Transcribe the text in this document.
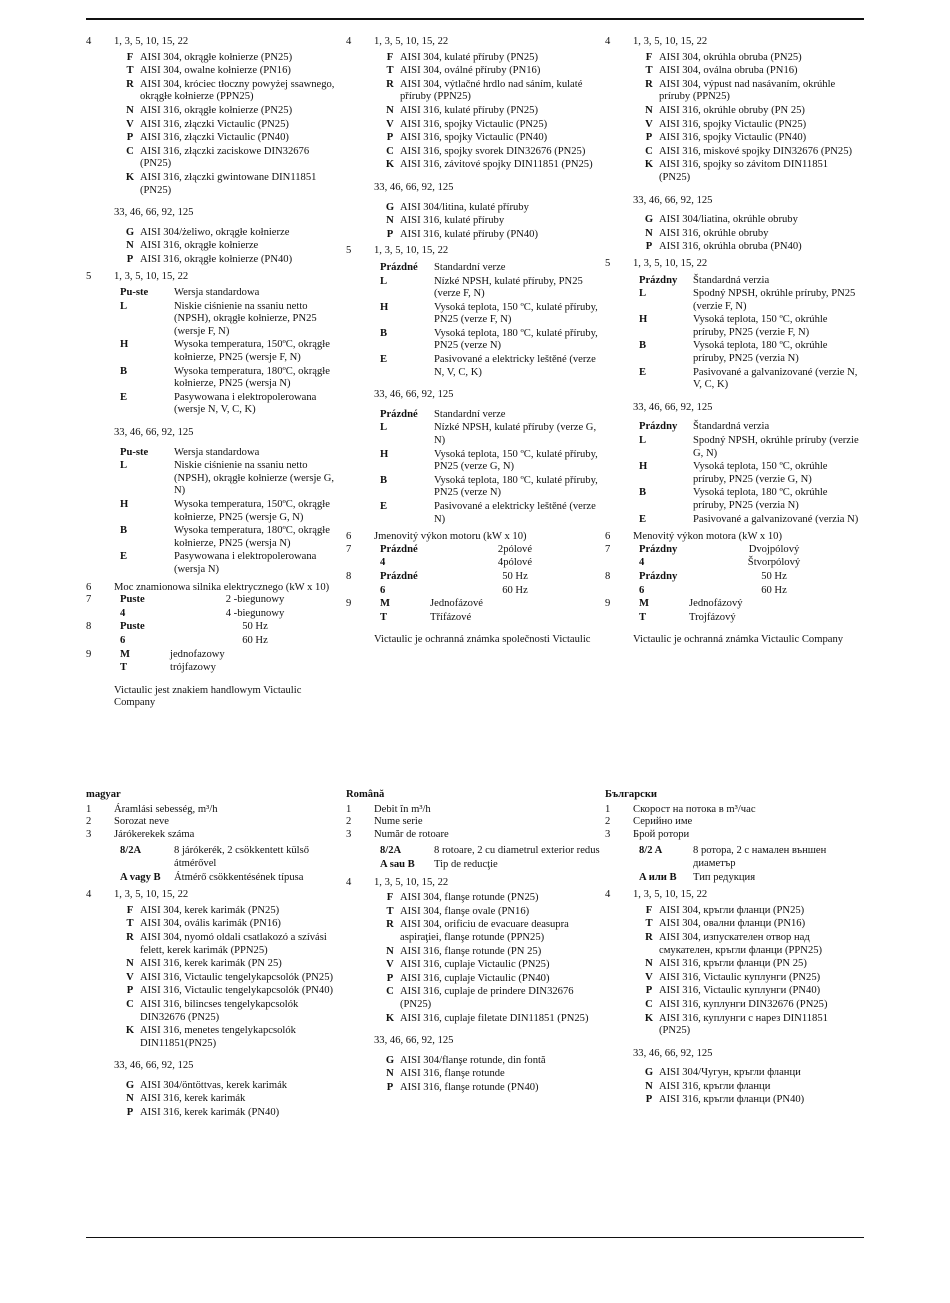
4	1, 3, 5, 10, 15, 22
F AISI 304, okrągłe kołnierze (PN25)
T AISI 304, owalne kołnierze (PN16)
R AISI 304, króciec tłoczny powyżej ssawnego, okrągłe kołnierze (PPN25)
N AISI 316, okrągłe kołnierze (PN25)
V AISI 316, złączki Victaulic (PN25)
P AISI 316, złączki Victaulic (PN40)
C AISI 316, złączki zaciskowe DIN32676 (PN25)
K AISI 316, złączki gwintowane DIN11851 (PN25)
33, 46, 66, 92, 125
G AISI 304/żeliwo, okrągłe kołnierze
N AISI 316, okrągłe kołnierze
P AISI 316, okrągłe kołnierze (PN40)
5	1, 3, 5, 10, 15, 22
Pu-ste	Wersja standardowa
L	Niskie ciśnienie na ssaniu netto (NPSH), okrągłe kołnierze, PN25 (wersje F, N)
H	Wysoka temperatura, 150ºC, okrągłe kołnierze, PN25 (wersje F, N)
B	Wysoka temperatura, 180ºC, okrągłe kołnierze, PN25 (wersja N)
E	Pasywowana i elektropolerowana (wersje N, V, C, K)
33, 46, 66, 92, 125
Pu-ste	Wersja standardowa
L	Niskie ciśnienie na ssaniu netto (NPSH), okrągłe kołnierze (wersje G, N)
H	Wysoka temperatura, 150ºC, okrągłe kołnierze, PN25 (wersje G, N)
B	Wysoka temperatura, 180ºC, okrągłe kołnierze, PN25 (wersja N)
E	Pasywowana i elektropolerowana (wersja N)
6	Moc znamionowa silnika elektrycznego (kW x 10)
7	Puste	2 -biegunowy
4	4 -biegunowy
8	Puste	50 Hz
6	60 Hz
9	M	jednofazowy
T	trójfazowy
Victaulic jest znakiem handlowym Victaulic Company
4	1, 3, 5, 10, 15, 22
F AISI 304, kulaté příruby (PN25)
T AISI 304, oválné příruby (PN16)
R AISI 304, výtlačné hrdlo nad sáním, kulaté příruby (PPN25)
N AISI 316, kulaté příruby (PN25)
V AISI 316, spojky Victaulic (PN25)
P AISI 316, spojky Victaulic (PN40)
C AISI 316, spojky svorek DIN32676 (PN25)
K AISI 316, závitové spojky DIN11851 (PN25)
33, 46, 66, 92, 125
G AISI 304/litina, kulaté příruby
N AISI 316, kulaté příruby
P AISI 316, kulaté příruby (PN40)
5	1, 3, 5, 10, 15, 22
Prázdné	Standardní verze
L	Nízké NPSH, kulaté příruby, PN25 (verze F, N)
H	Vysoká teplota, 150 ºC, kulaté příruby, PN25 (verze F, N)
B	Vysoká teplota, 180 ºC, kulaté příruby, PN25 (verze N)
E	Pasivované a elektricky leštěné (verze N, V, C, K)
33, 46, 66, 92, 125
Prázdné	Standardní verze
L	Nízké NPSH, kulaté příruby (verze G, N)
H	Vysoká teplota, 150 ºC, kulaté příruby, PN25 (verze G, N)
B	Vysoká teplota, 180 ºC, kulaté příruby, PN25 (verze N)
E	Pasivované a elektricky leštěné (verze N)
6	Jmenovitý výkon motoru (kW x 10)
7	Prázdné	2pólové
4	4pólové
8	Prázdné	50 Hz
6	60 Hz
9	M	Jednofázové
T	Třífázové
Victaulic je ochranná známka společnosti Victaulic
4	1, 3, 5, 10, 15, 22
F AISI 304, okrúhla obruba (PN25)
T AISI 304, oválna obruba (PN16)
R AISI 304, výpust nad nasávaním, okrúhle príruby (PPN25)
N AISI 316, okrúhle obruby (PN 25)
V AISI 316, spojky Victaulic (PN25)
P AISI 316, spojky Victaulic (PN40)
C AISI 316, miskové spojky DIN32676 (PN25)
K AISI 316, spojky so závitom DIN11851 (PN25)
33, 46, 66, 92, 125
G AISI 304/liatina, okrúhle obruby
N AISI 316, okrúhle obruby
P AISI 316, okrúhla obruba (PN40)
5	1, 3, 5, 10, 15, 22
Prázdny	Štandardná verzia
L	Spodný NPSH, okrúhle príruby, PN25 (verzie F, N)
H	Vysoká teplota, 150 ºC, okrúhle príruby, PN25 (verzie F, N)
B	Vysoká teplota, 180 ºC, okrúhle príruby, PN25 (verzia N)
E	Pasivované a galvanizované (verzie N, V, C, K)
33, 46, 66, 92, 125
Prázdny	Štandardná verzia
L	Spodný NPSH, okrúhle príruby (verzie G, N)
H	Vysoká teplota, 150 ºC, okrúhle príruby, PN25 (verzie G, N)
B	Vysoká teplota, 180 ºC, okrúhle príruby, PN25 (verzia N)
E	Pasivované a galvanizované (verzia N)
6	Menovitý výkon motora (kW x 10)
7	Prázdny	Dvojpólový
4	Štvorpólový
8	Prázdny	50 Hz
6	60 Hz
9	M	Jednofázový
T	Trojfázový
Victaulic je ochranná známka Victaulic Company
magyar
1	Áramlási sebesség, m³/h
2	Sorozat neve
3	Járókerekek száma
8/2A	8 járókerék, 2 csökkentett külső átmérővel
A vagy B	Átmérő csökkentésének típusa
4	1, 3, 5, 10, 15, 22
F AISI 304, kerek karimák (PN25)
T AISI 304, ovális karimák (PN16)
R AISI 304, nyomó oldali csatlakozó a szívási felett, kerek karimák (PPN25)
N AISI 316, kerek karimák (PN 25)
V AISI 316, Victaulic tengelykapcsolók (PN25)
P AISI 316, Victaulic tengelykapcsolók (PN40)
C AISI 316, bilincses tengelykapcsolók DIN32676 (PN25)
K AISI 316, menetes tengelykapcsolók DIN11851(PN25)
33, 46, 66, 92, 125
G AISI 304/öntöttvas, kerek karimák
N AISI 316, kerek karimák
P AISI 316, kerek karimák (PN40)
Română
1	Debit în m³/h
2	Nume serie
3	Număr de rotoare
8/2A	8 rotoare, 2 cu diametrul exterior redus
A sau B	Tip de reducţie
4	1, 3, 5, 10, 15, 22
F AISI 304, flanşe rotunde (PN25)
T AISI 304, flanşe ovale (PN16)
R AISI 304, orificiu de evacuare deasupra aspiraţiei, flanşe rotunde (PPN25)
N AISI 316, flanşe rotunde (PN 25)
V AISI 316, cuplaje Victaulic (PN25)
P AISI 316, cuplaje Victaulic (PN40)
C AISI 316, cuplaje de prindere DIN32676 (PN25)
K AISI 316, cuplaje filetate DIN11851 (PN25)
33, 46, 66, 92, 125
G AISI 304/flanşe rotunde, din fontă
N AISI 316, flanşe rotunde
P AISI 316, flanşe rotunde (PN40)
Български
1	Скорост на потока в m³/час
2	Серийно име
3	Брой ротори
8/2 A	8 ротора, 2 с намален външен диаметър
A или B	Тип редукция
4	1, 3, 5, 10, 15, 22
F AISI 304, кръгли фланци (PN25)
T AISI 304, овални фланци (PN16)
R AISI 304, изпускателен отвор над смукателен, кръгли фланци (PPN25)
N AISI 316, кръгли фланци (PN 25)
V AISI 316, Victaulic куплунги (PN25)
P AISI 316, Victaulic куплунги (PN40)
C AISI 316, куплунги DIN32676 (PN25)
K AISI 316, куплунги с нарез DIN11851 (PN25)
33, 46, 66, 92, 125
G AISI 304/Чугун, кръгли фланци
N AISI 316, кръгли фланци
P AISI 316, кръгли фланци (PN40)
